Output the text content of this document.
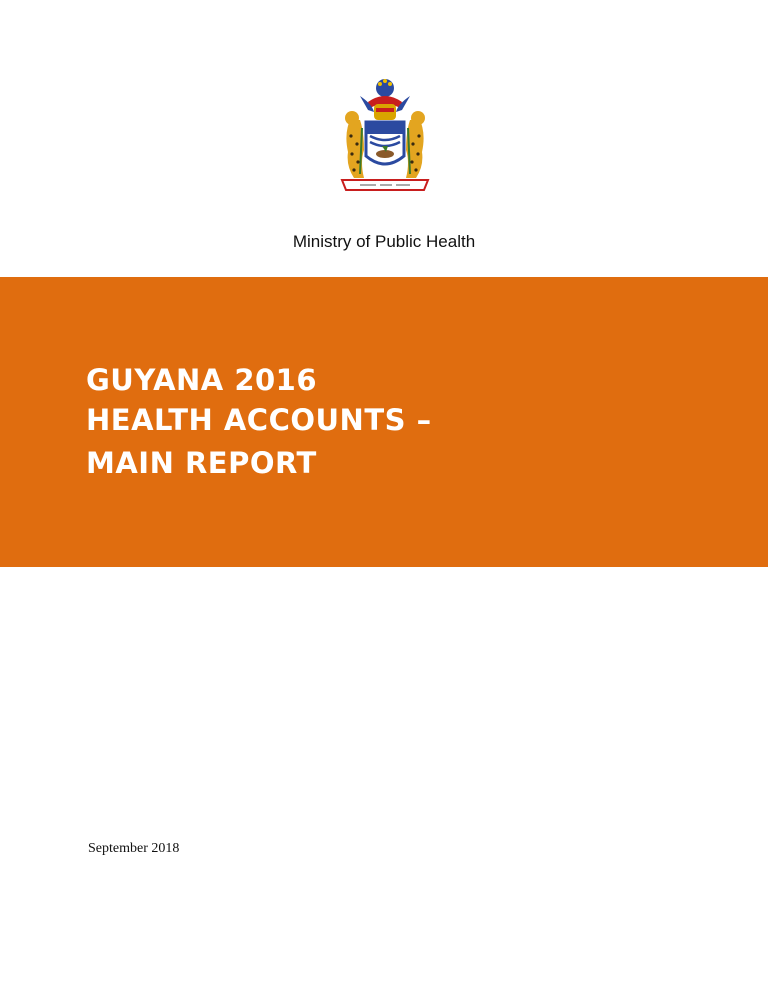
Ministry of Public Health
GUYANA 2016
HEALTH ACCOUNTS –
MAIN REPORT
September 2018
